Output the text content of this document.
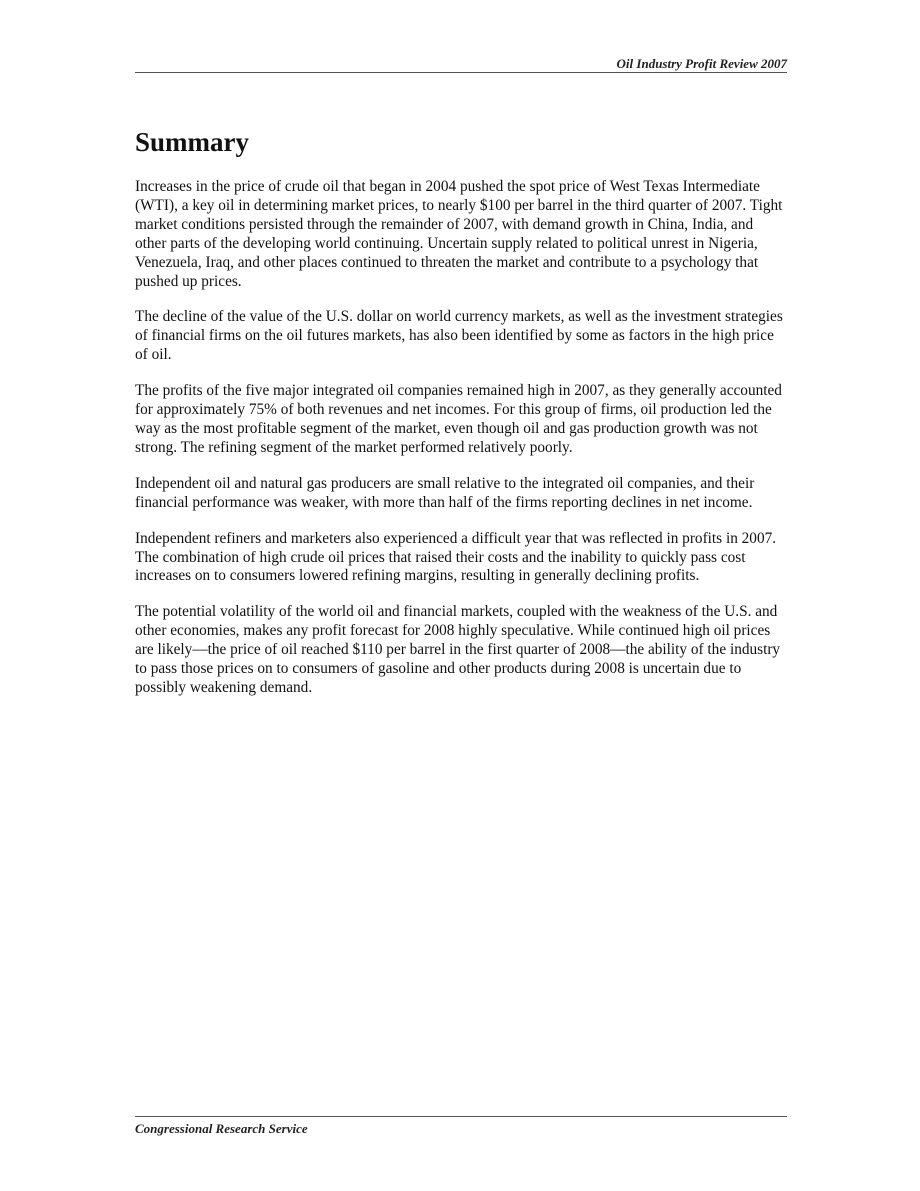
Oil Industry Profit Review 2007
Summary

Increases in the price of crude oil that began in 2004 pushed the spot price of West Texas Intermediate (WTI), a key oil in determining market prices, to nearly $100 per barrel in the third quarter of 2007. Tight market conditions persisted through the remainder of 2007, with demand growth in China, India, and other parts of the developing world continuing. Uncertain supply related to political unrest in Nigeria, Venezuela, Iraq, and other places continued to threaten the market and contribute to a psychology that pushed up prices.

The decline of the value of the U.S. dollar on world currency markets, as well as the investment strategies of financial firms on the oil futures markets, has also been identified by some as factors in the high price of oil.

The profits of the five major integrated oil companies remained high in 2007, as they generally accounted for approximately 75% of both revenues and net incomes. For this group of firms, oil production led the way as the most profitable segment of the market, even though oil and gas production growth was not strong. The refining segment of the market performed relatively poorly.

Independent oil and natural gas producers are small relative to the integrated oil companies, and their financial performance was weaker, with more than half of the firms reporting declines in net income.

Independent refiners and marketers also experienced a difficult year that was reflected in profits in 2007. The combination of high crude oil prices that raised their costs and the inability to quickly pass cost increases on to consumers lowered refining margins, resulting in generally declining profits.

The potential volatility of the world oil and financial markets, coupled with the weakness of the U.S. and other economies, makes any profit forecast for 2008 highly speculative. While continued high oil prices are likely—the price of oil reached $110 per barrel in the first quarter of 2008—the ability of the industry to pass those prices on to consumers of gasoline and other products during 2008 is uncertain due to possibly weakening demand.

Congressional Research Service
